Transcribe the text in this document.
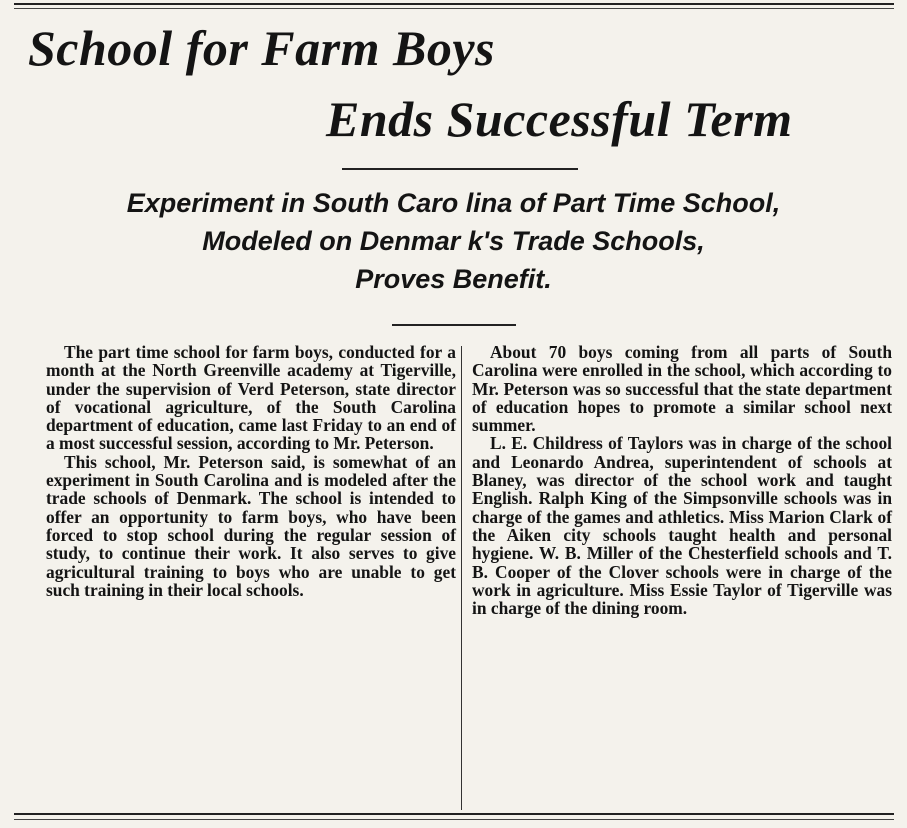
School for Farm Boys
Ends Successful Term
Experiment in South Caro lina of Part Time School,
Modeled on Denmar k's Trade Schools,
Proves Benefit.

The part time school for farm boys, conducted for a month at the North Greenville academy at Tigerville, under the supervision of Verd Peterson, state director of vocational agriculture, of the South Carolina department of education, came last Friday to an end of a most successful session, according to Mr. Peterson.

This school, Mr. Peterson said, is somewhat of an experiment in South Carolina and is modeled after the trade schools of Denmark. The school is intended to offer an opportunity to farm boys, who have been forced to stop school during the regular session of study, to continue their work. It also serves to give agricultural training to boys who are unable to get such training in their local schools.

About 70 boys coming from all parts of South Carolina were enrolled in the school, which according to Mr. Peterson was so successful that the state department of education hopes to promote a similar school next summer.

L. E. Childress of Taylors was in charge of the school and Leonardo Andrea, superintendent of schools at Blaney, was director of the school work and taught English. Ralph King of the Simpsonville schools was in charge of the games and athletics. Miss Marion Clark of the Aiken city schools taught health and personal hygiene. W. B. Miller of the Chesterfield schools and T. B. Cooper of the Clover schools were in charge of the work in agriculture. Miss Essie Taylor of Tigerville was in charge of the dining room.
